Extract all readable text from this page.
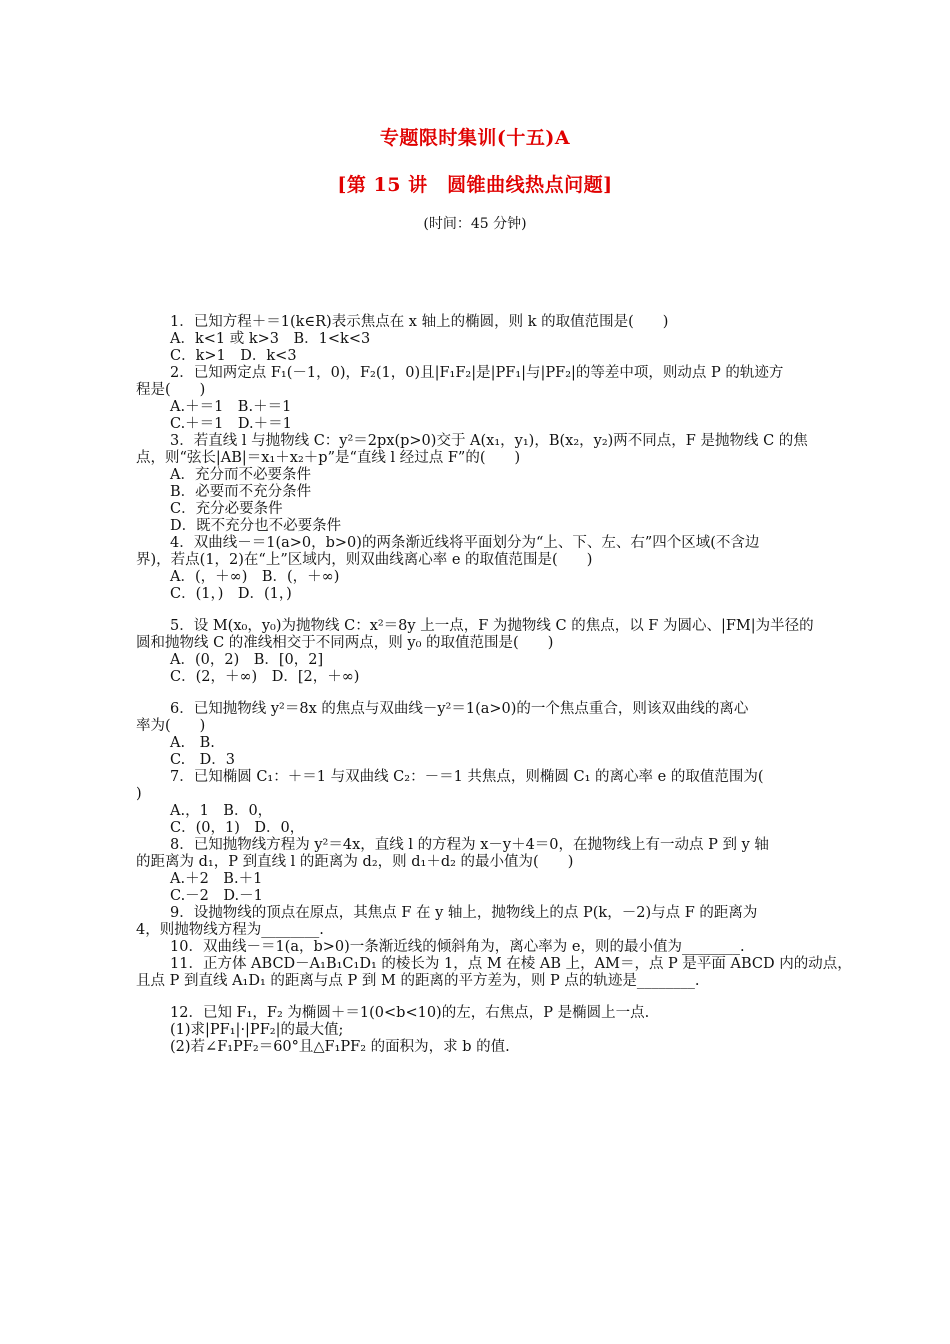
专题限时集训(十五)A
[第 15 讲　圆锥曲线热点问题]
(时间：45 分钟)
1．已知方程＋＝1(k∈R)表示焦点在 x 轴上的椭圆，则 k 的取值范围是(　　)
A．k<1 或 k>3　B．1<k<3
C．k>1　D．k<3
2．已知两定点 F₁(－1，0)，F₂(1，0)且|F₁F₂|是|PF₁|与|PF₂|的等差中项，则动点 P 的轨迹方
程是(　　)
A.＋＝1　B.＋＝1
C.＋＝1　D.＋＝1
3．若直线 l 与抛物线 C：y²＝2px(p>0)交于 A(x₁，y₁)，B(x₂，y₂)两不同点，F 是抛物线 C 的焦
点，则“弦长|AB|＝x₁＋x₂＋p”是“直线 l 经过点 F”的(　　)
A．充分而不必要条件
B．必要而不充分条件
C．充分必要条件
D．既不充分也不必要条件
4．双曲线－＝1(a>0，b>0)的两条渐近线将平面划分为“上、下、左、右”四个区域(不含边
界)，若点(1，2)在“上”区域内，则双曲线离心率 e 的取值范围是(　　)
A．(，＋∞)　B．(，＋∞)
C．(1，)　D．(1，)
5．设 M(x₀，y₀)为抛物线 C：x²＝8y 上一点，F 为抛物线 C 的焦点，以 F 为圆心、|FM|为半径的
圆和抛物线 C 的准线相交于不同两点，则 y₀ 的取值范围是(　　)
A．(0，2)　B．[0，2]
C．(2，＋∞)　D．[2，＋∞)
6．已知抛物线 y²＝8x 的焦点与双曲线－y²＝1(a>0)的一个焦点重合，则该双曲线的离心
率为(　　)
A.　B.
C.　D．3
7．已知椭圆 C₁：＋＝1 与双曲线 C₂：－＝1 共焦点，则椭圆 C₁ 的离心率 e 的取值范围为(
)
A.，1　B．0，
C．(0，1)　D．0，
8．已知抛物线方程为 y²＝4x，直线 l 的方程为 x－y＋4＝0，在抛物线上有一动点 P 到 y 轴
的距离为 d₁，P 到直线 l 的距离为 d₂，则 d₁＋d₂ 的最小值为(　　)
A.＋2　B.＋1
C.－2　D.－1
9．设抛物线的顶点在原点，其焦点 F 在 y 轴上，抛物线上的点 P(k，－2)与点 F 的距离为
4，则抛物线方程为________.
10．双曲线－＝1(a，b>0)一条渐近线的倾斜角为，离心率为 e，则的最小值为________.
11．正方体 ABCD－A₁B₁C₁D₁ 的棱长为 1，点 M 在棱 AB 上，AM＝，点 P 是平面 ABCD 内的动点，
且点 P 到直线 A₁D₁ 的距离与点 P 到 M 的距离的平方差为，则 P 点的轨迹是________.
12．已知 F₁，F₂ 为椭圆＋＝1(0<b<10)的左，右焦点，P 是椭圆上一点.
(1)求|PF₁|·|PF₂|的最大值;
(2)若∠F₁PF₂＝60°且△F₁PF₂ 的面积为，求 b 的值.
